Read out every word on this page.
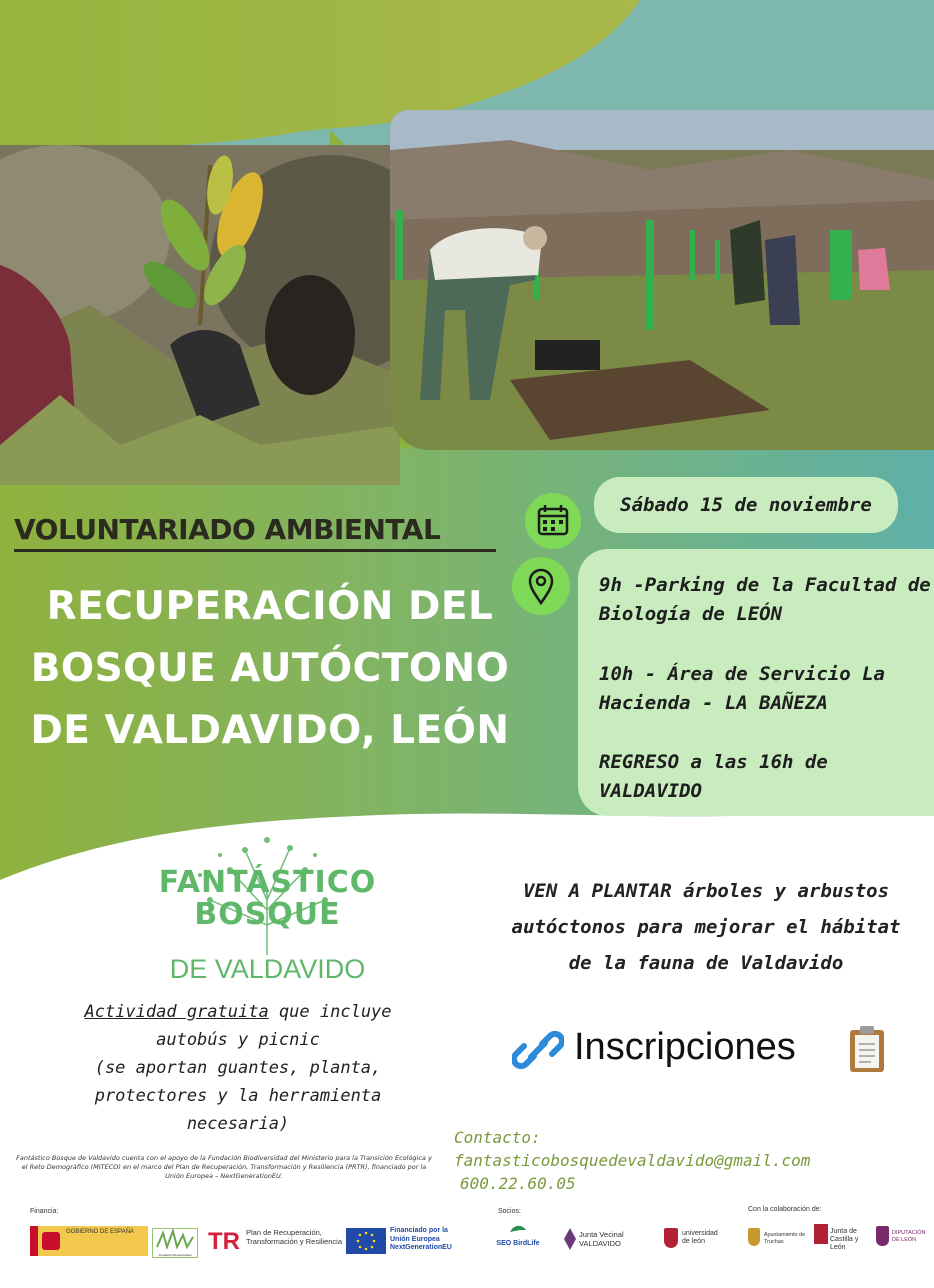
VOLUNTARIADO AMBIENTAL
RECUPERACIÓN DEL
BOSQUE AUTÓCTONO
DE VALDAVIDO, LEÓN
Sábado 15 de noviembre
9h -Parking de la Facultad de
Biología de LEÓN
10h - Área de Servicio La
Hacienda - LA BAÑEZA
REGRESO a las 16h de VALDAVIDO
FANTÁSTICO
BOSQUE
DE VALDAVIDO
Actividad gratuita que incluye
autobús y picnic
(se aportan guantes, planta,
protectores y la herramienta
necesaria)
VEN A PLANTAR árboles y arbustos
autóctonos para mejorar el hábitat
de la fauna de Valdavido
Inscripciones
Contacto:
fantasticobosquedevaldavido@gmail.com
600.22.60.05
Fantástico Bosque de Valdavido cuenta con el apoyo de la Fundación Biodiversidad del Ministerio para la Transición Ecológica y el Reto Demográfico (MITECO) en el marco del Plan de Recuperación, Transformación y Resiliencia (PRTR), financiado por la Unión Europea – NextGenerationEU.
Financia:	Socios:	Con la colaboración de:
GOBIERNO DE ESPAÑA
Fundación Biodiversidad TR Plan de Recuperación, Transformación y Resiliencia
Financiado por la Unión Europea NextGenerationEU
SEO BirdLife
Junta Vecinal VALDAVIDO
universidad de león
Ayuntamiento de Truchas
Junta de Castilla y León
DIPUTACIÓN DE LEÓN
